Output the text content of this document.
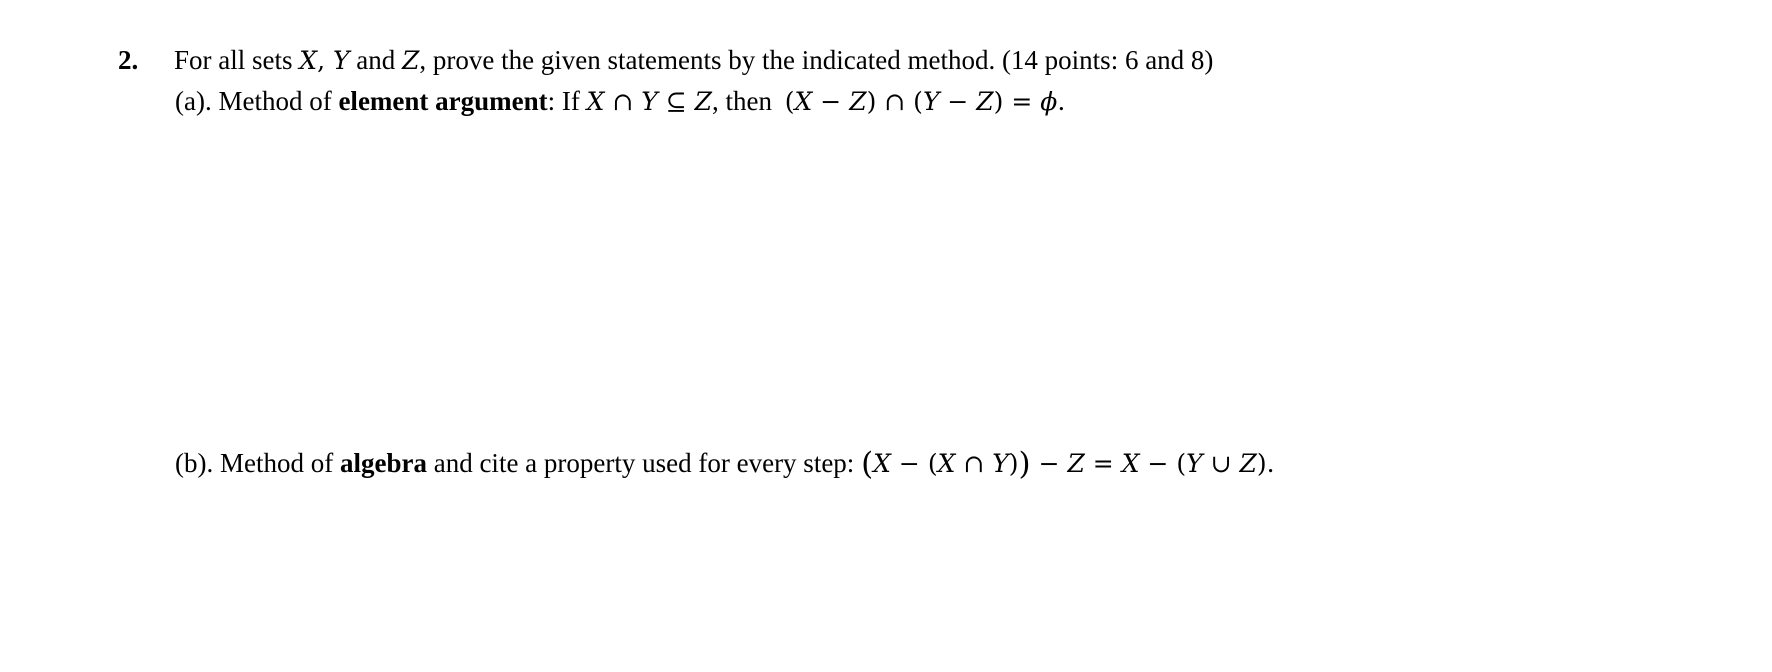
2. For all sets X, Y and Z, prove the given statements by the indicated method. (14 points: 6 and 8)
(a). Method of element argument: If X ∩ Y ⊆ Z, then (X − Z) ∩ (Y − Z) = ϕ.
(b). Method of algebra and cite a property used for every step: (X − (X ∩ Y)) − Z = X − (Y ∪ Z).
